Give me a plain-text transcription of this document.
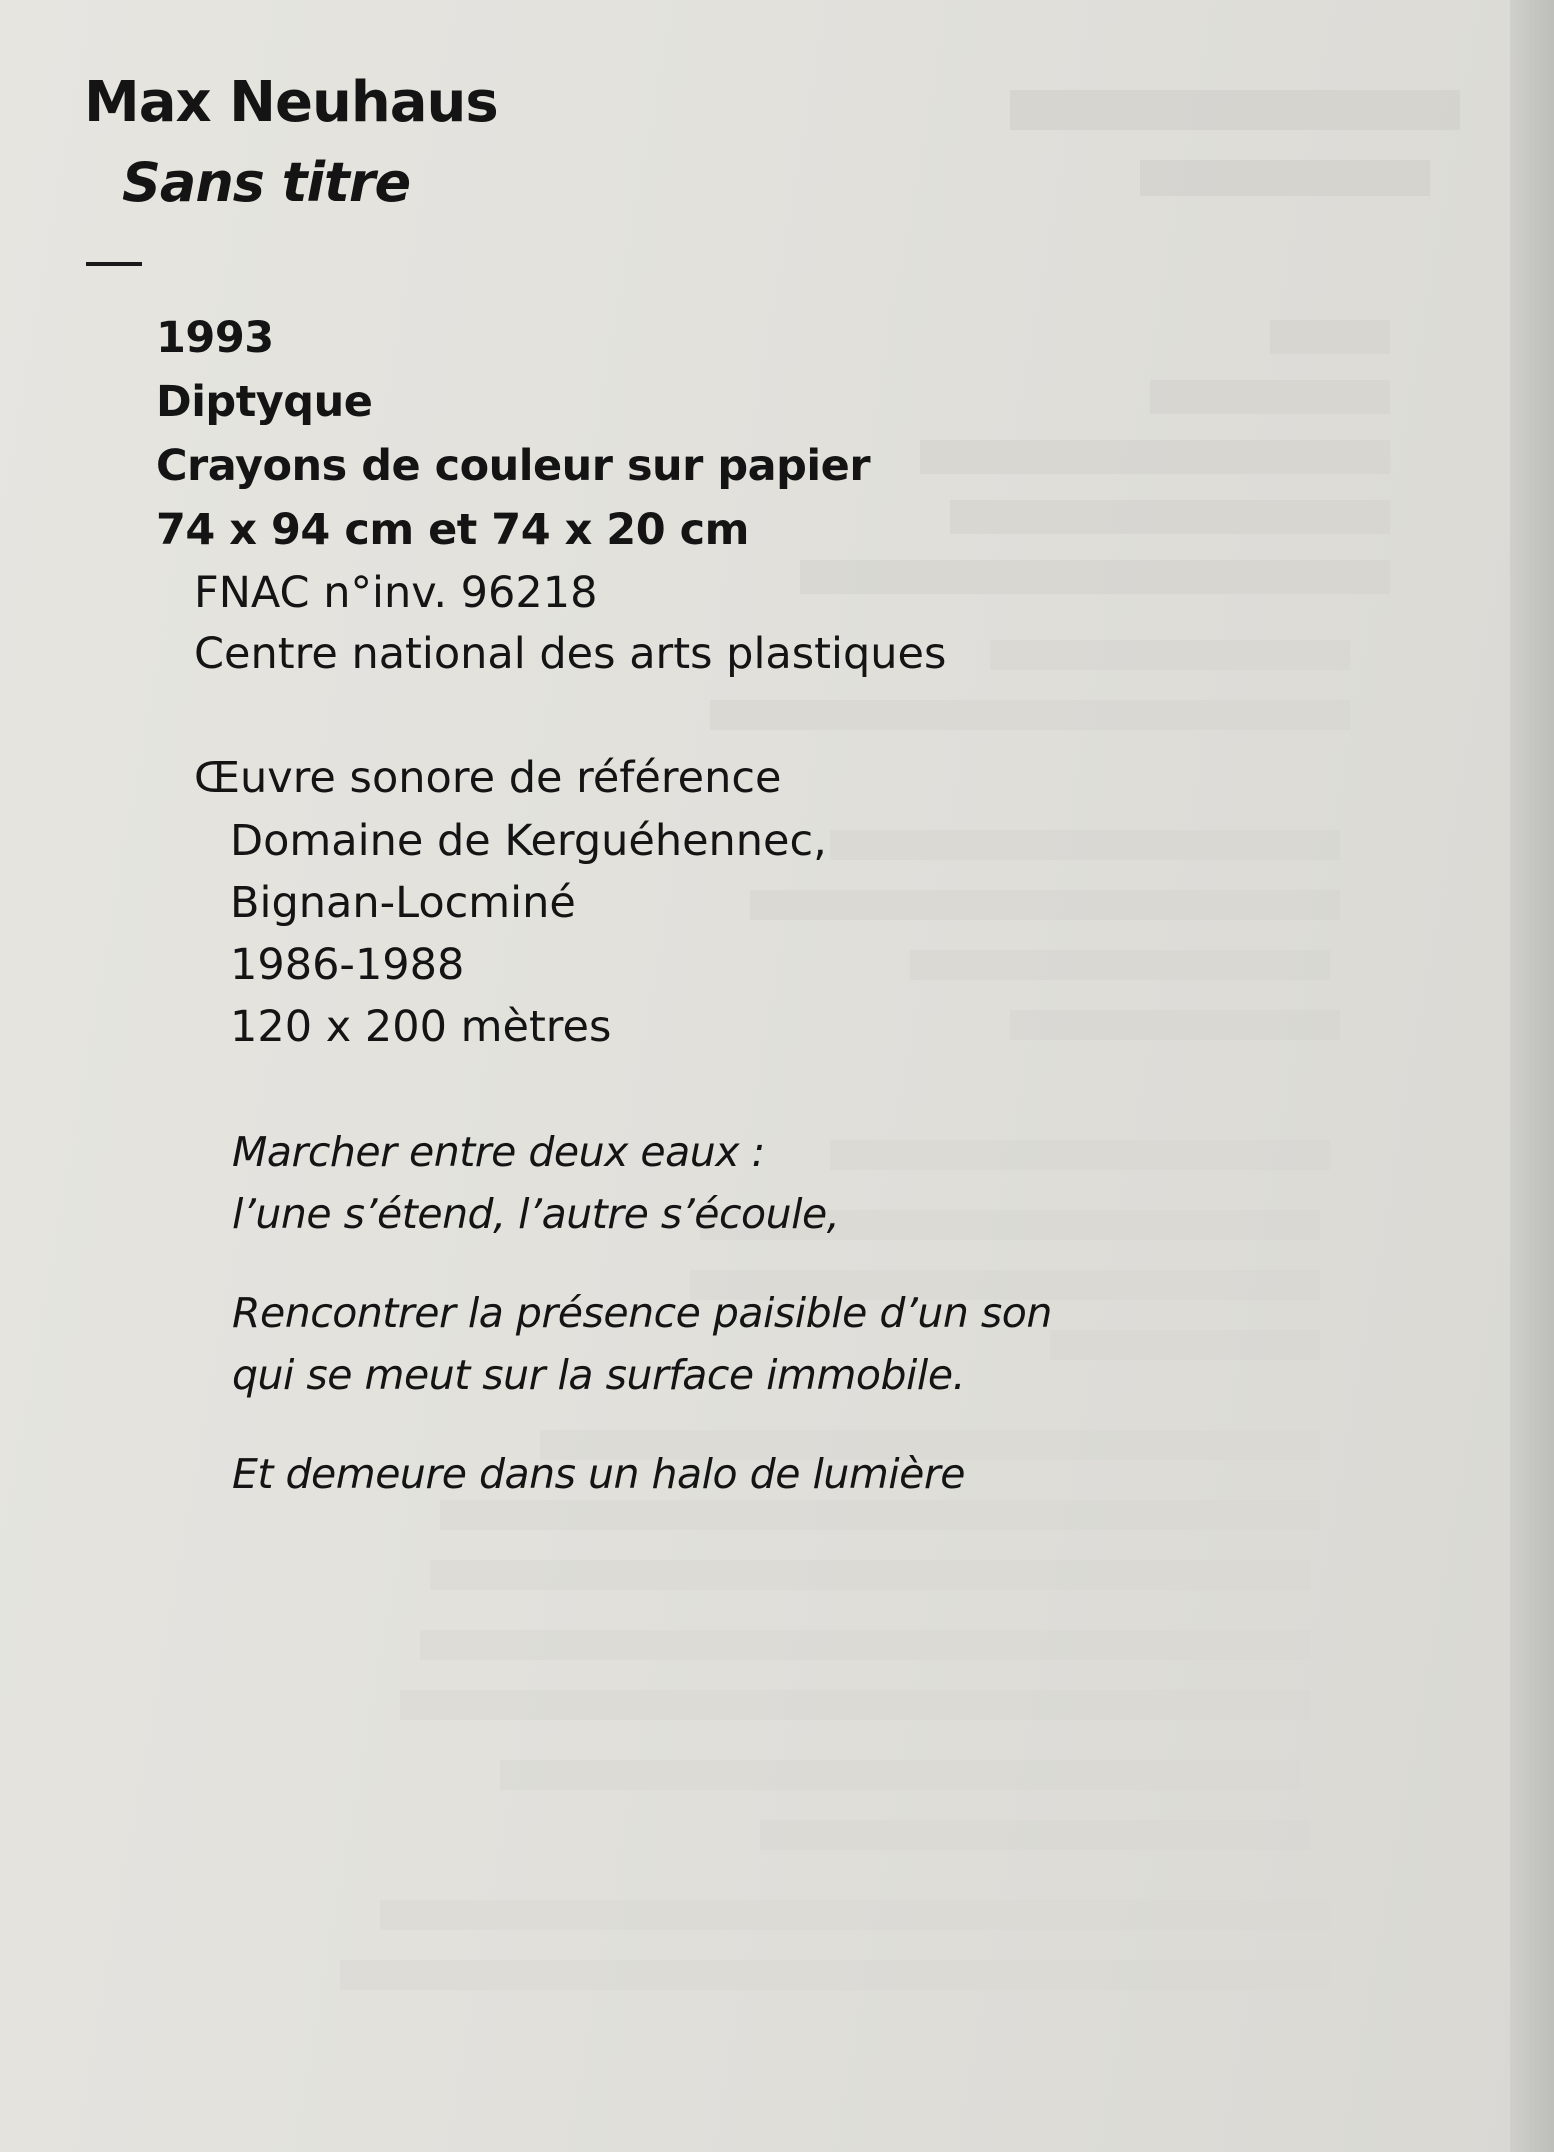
Max Neuhaus
Sans titre
1993
Diptyque
Crayons de couleur sur papier
74 x 94 cm et 74 x 20 cm
FNAC n°inv. 96218
Centre national des arts plastiques

Œuvre sonore de référence

Domaine de Kerguéhennec,
Bignan-Locminé
1986-1988
120 x 200 mètres
Marcher entre deux eaux :
l’une s’étend, l’autre s’écoule,
Rencontrer la présence paisible d’un son
qui se meut sur la surface immobile.
Et demeure dans un halo de lumière
